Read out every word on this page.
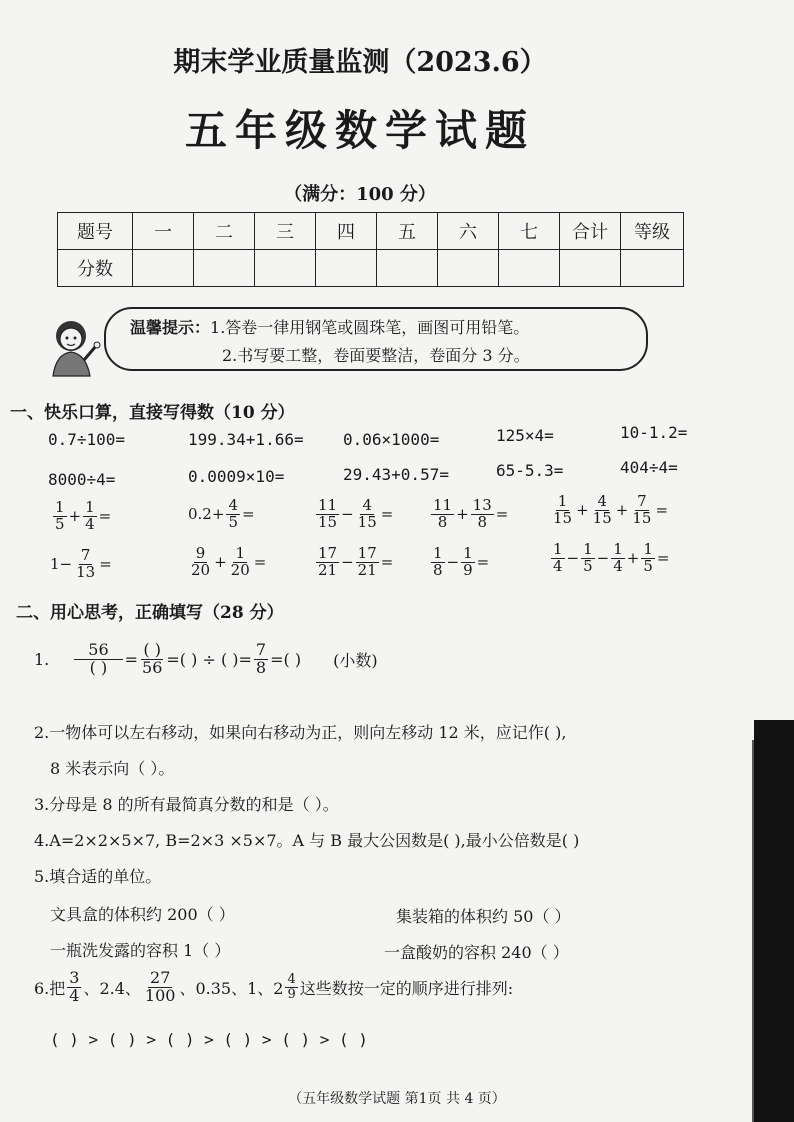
期末学业质量监测（2023.6）
五年级数学试题
（满分：100 分）
题号	一	二	三	四	五	六	七	合计	等级
分数									
温馨提示：1.答卷一律用钢笔或圆珠笔，画图可用铅笔。
2.书写要工整，卷面要整洁，卷面分 3 分。
一、快乐口算，直接写得数（10 分）
0.7÷100=	199.34+1.66= 0.06×1000=	125×4=	10-1.2=
8000÷4=	0.0009×10=	29.43+0.57=	65-5.3=	404÷4=
$\frac{1}{5} + \frac{1}{4}$ =	$0.2+ \frac{4}{5}$ =	$\frac{11}{15} - \frac{4}{15}$ =	$\frac{11}{8} + \frac{13}{8}$ =	$\frac{1}{15} + \frac{4}{15} + \frac{7}{15}$ =
$1- \frac{7}{13}$ =	$\frac{9}{20} + \frac{1}{20}$ =	$\frac{17}{21} - \frac{17}{21}$ =	$\frac{1}{8} - \frac{1}{9}$ =	$\frac{1}{4} - \frac{1}{5} - \frac{1}{4} + \frac{1}{5}$ =
二、用心思考，正确填写（28 分）
1. $\frac{56}{( )} = \frac{( )}{56}$ =( ) ÷ ( )= $\frac{7}{8}$ =( ) (小数)
2.一物体可以左右移动，如果向右移动为正，则向左移动 12 米，应记作( ),
8 米表示向（ ）。
3.分母是 8 的所有最简真分数的和是（ ）。
4.A=2×2×5×7, B=2×3 ×5×7。A 与 B 最大公因数是( ),最小公倍数是( )
5.填合适的单位。
文具盒的体积约 200（ ）	集装箱的体积约 50（ ）
一瓶洗发露的容积 1（ ）	一盒酸奶的容积 240（ ）
6.把 $\frac{3}{4}$ 、2.4、 $\frac{27}{100}$ 、0.35、1、$2 \frac{4}{9}$ 这些数按一定的顺序进行排列:
( ) > ( ) > ( ) > ( ) > ( ) > ( )
（五年级数学试题 第1页 共 4 页）
